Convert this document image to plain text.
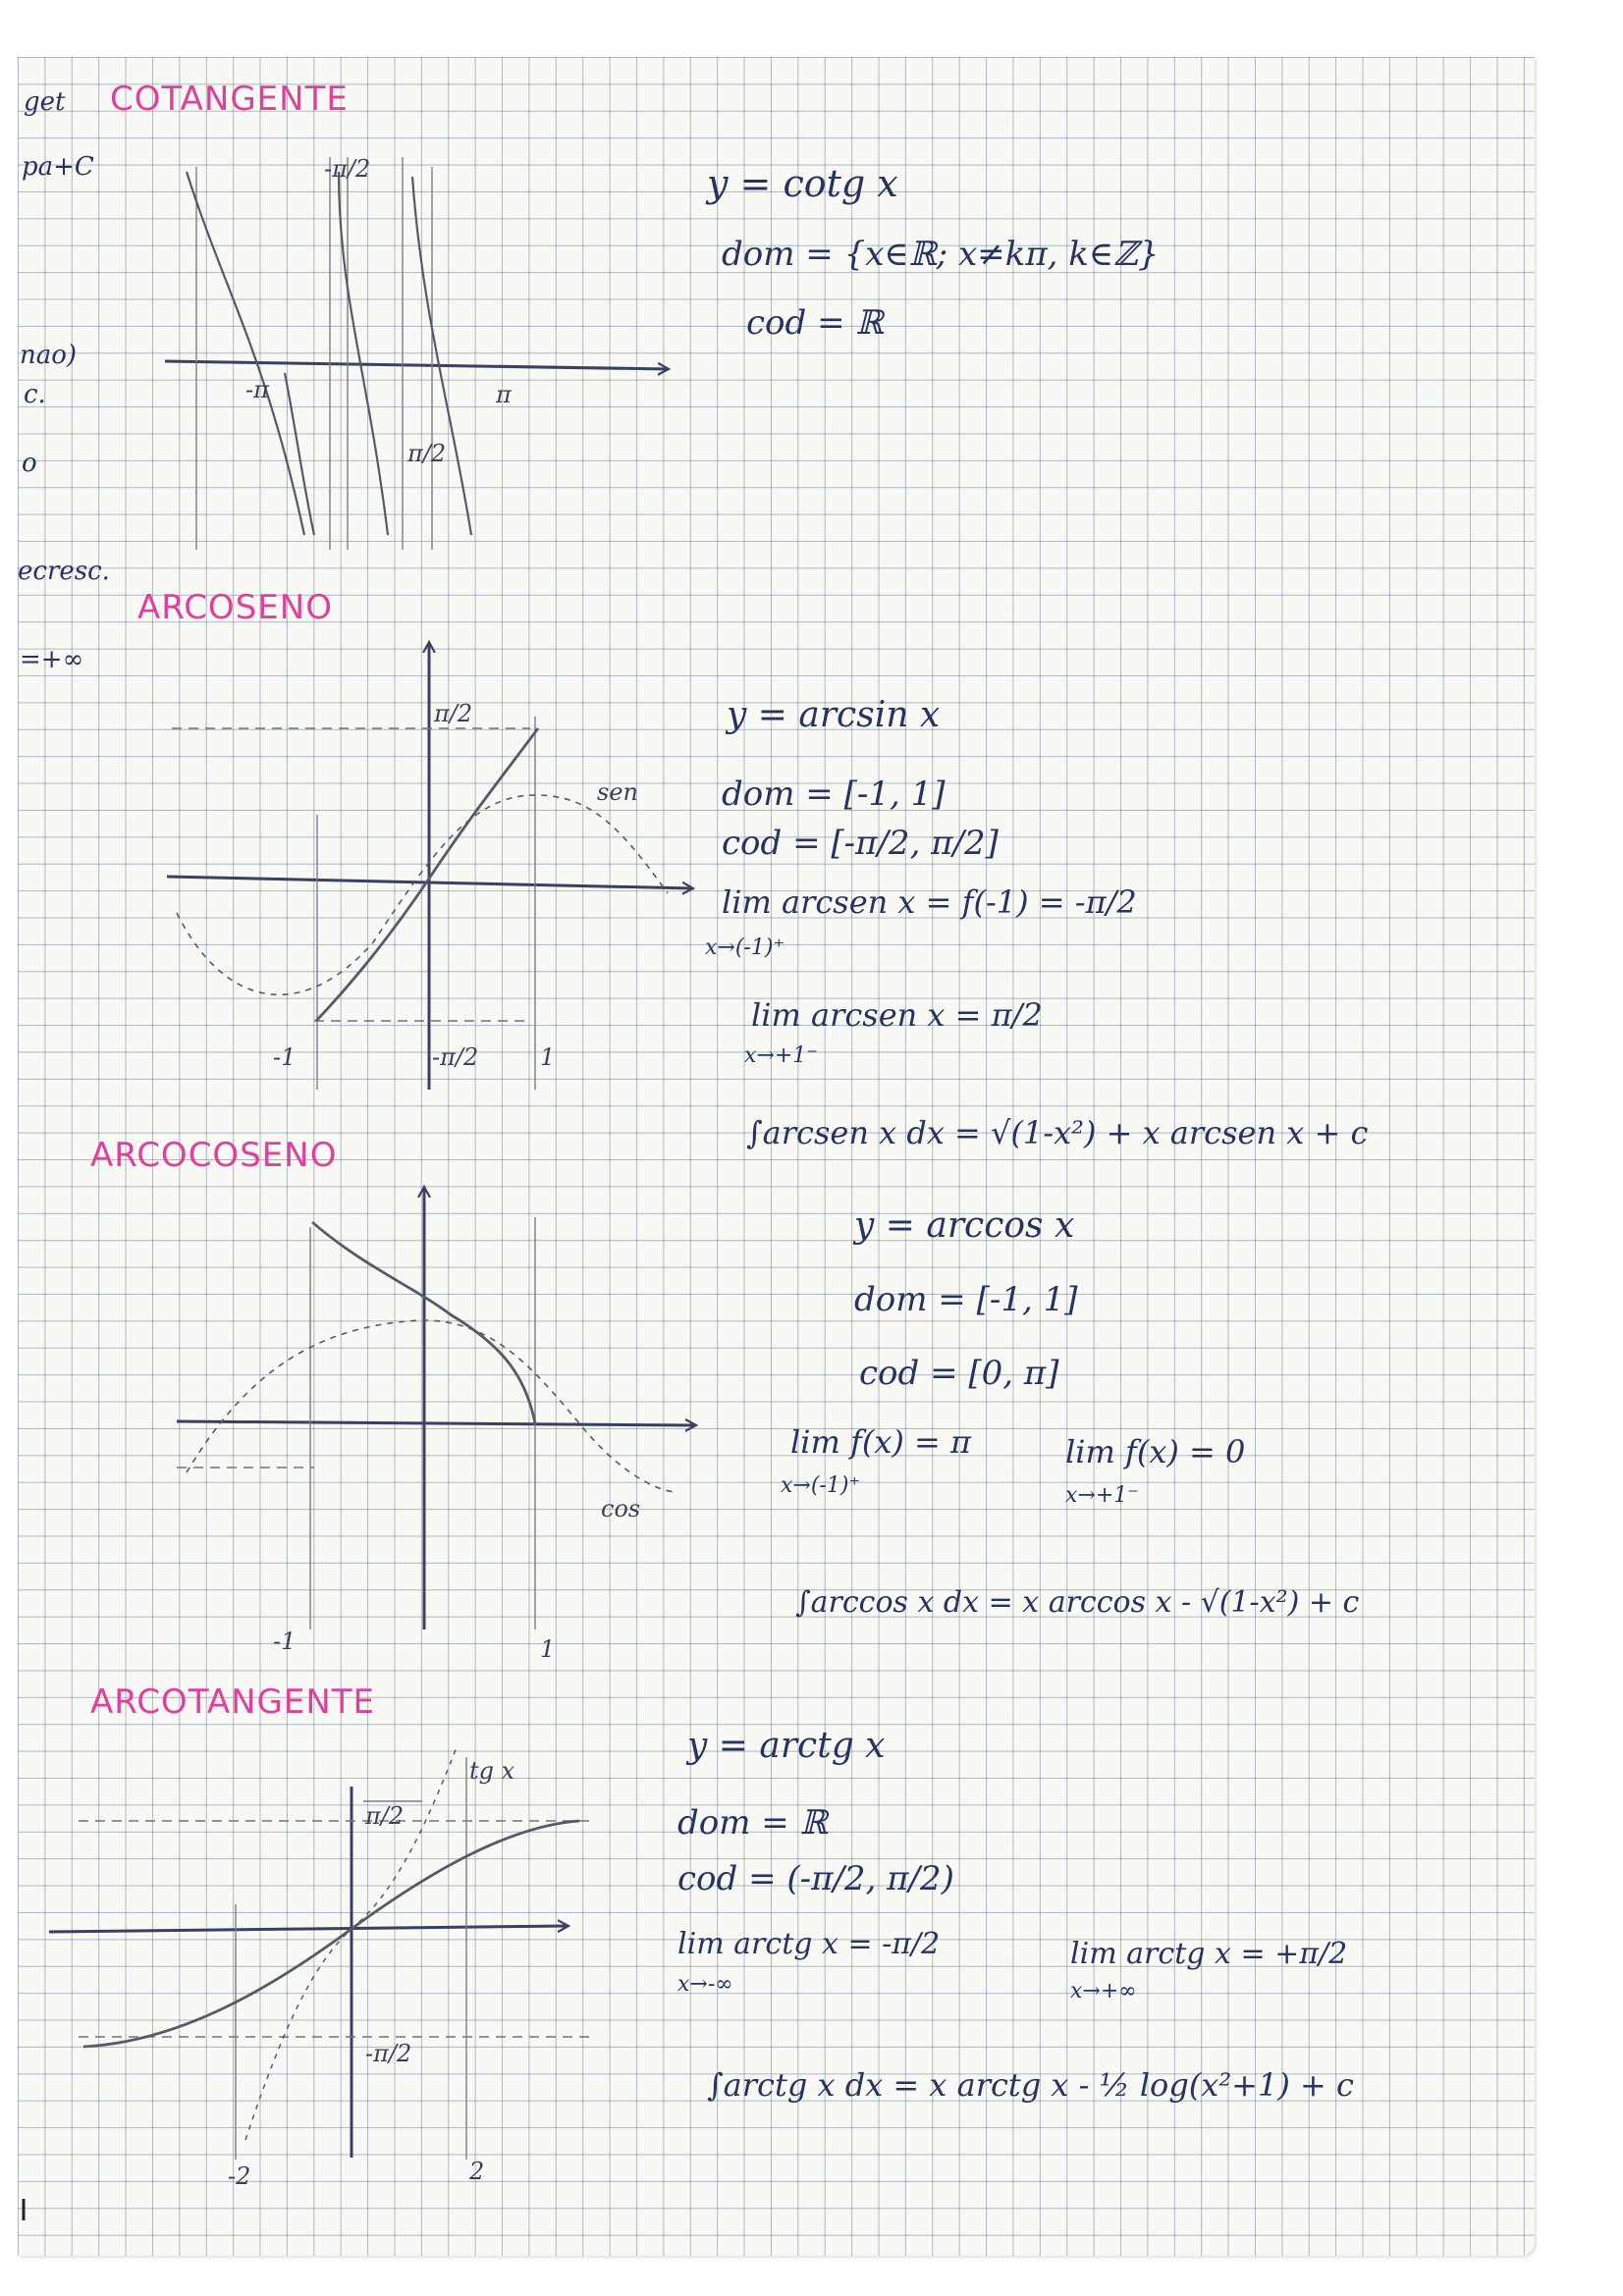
get
pa+C
nao)
c.
o
ecresc.
=+∞
COTANGENTE
-π/2
-π	π
π/2
y = cotg x
dom = {x∈ℝ; x≠kπ, k∈ℤ}
cod = ℝ
ARCOSENO
π/2
sen
-1	-π/2	1
y = arcsin x
dom = [-1, 1]
cod = [-π/2, π/2]
lim arcsen x = f(-1) = -π/2
x→(-1)⁺
lim arcsen x = π/2
x→+1⁻
∫arcsen x dx = √(1-x²) + x arcsen x + c
ARCOCOSENO
cos
-1	1
y = arccos x
dom = [-1, 1]
cod = [0, π]
lim f(x) = π
x→(-1)⁺
lim f(x) = 0
x→+1⁻
∫arccos x dx = x arccos x - √(1-x²) + c
ARCOTANGENTE
π/2
tg x
-π/2
-2	2
y = arctg x
dom = ℝ
cod = (-π/2, π/2)
lim arctg x = -π/2
x→-∞
lim arctg x = +π/2
x→+∞
∫arctg x dx = x arctg x - ½ log(x²+1) + c
